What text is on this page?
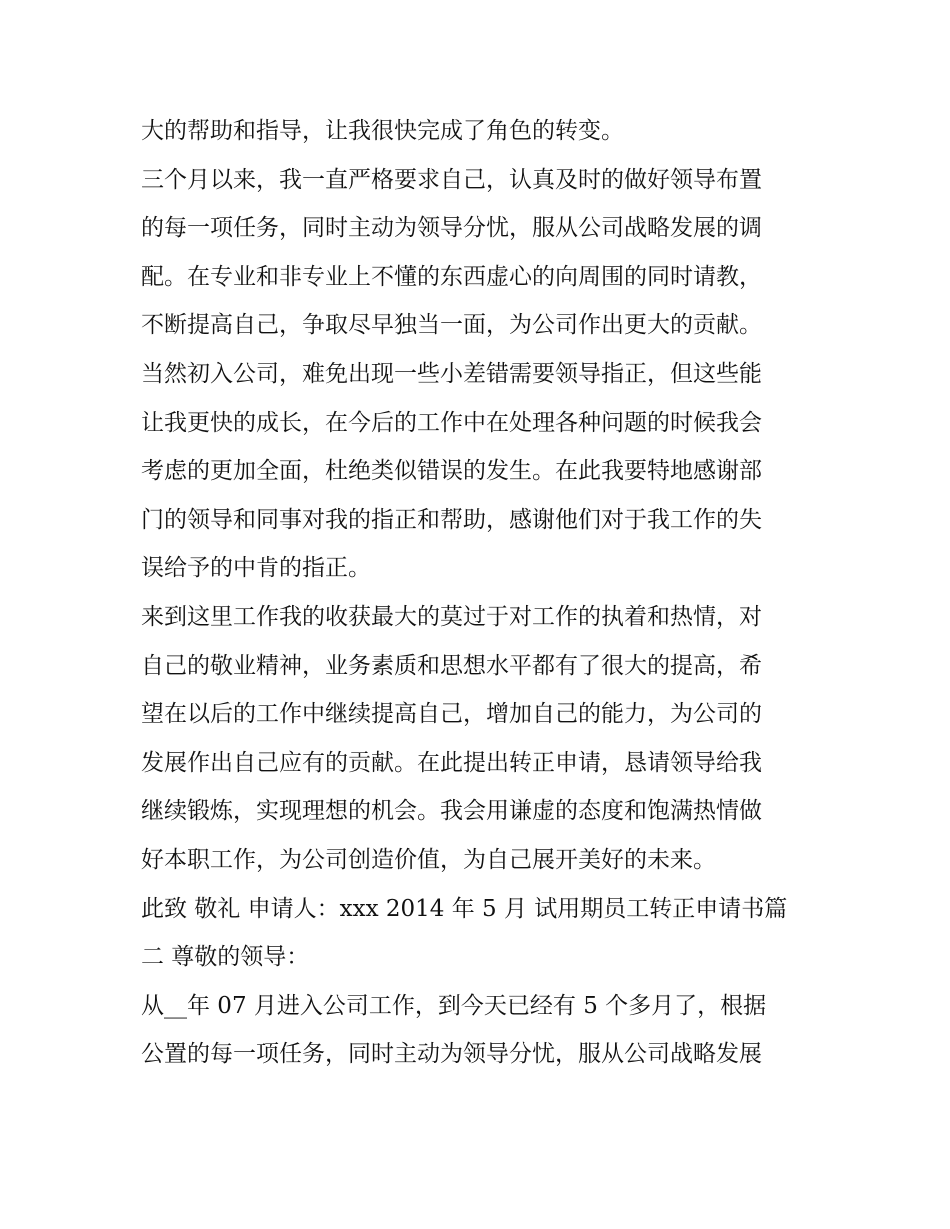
大的帮助和指导，让我很快完成了角色的转变。

三个月以来，我一直严格要求自己，认真及时的做好领导布置

的每一项任务，同时主动为领导分忧，服从公司战略发展的调

配。在专业和非专业上不懂的东西虚心的向周围的同时请教，

不断提高自己，争取尽早独当一面，为公司作出更大的贡献。

当然初入公司，难免出现一些小差错需要领导指正，但这些能

让我更快的成长，在今后的工作中在处理各种问题的时候我会

考虑的更加全面，杜绝类似错误的发生。在此我要特地感谢部

门的领导和同事对我的指正和帮助，感谢他们对于我工作的失

误给予的中肯的指正。

来到这里工作我的收获最大的莫过于对工作的执着和热情，对

自己的敬业精神，业务素质和思想水平都有了很大的提高，希

望在以后的工作中继续提高自己，增加自己的能力，为公司的

发展作出自己应有的贡献。在此提出转正申请，恳请领导给我

继续锻炼，实现理想的机会。我会用谦虚的态度和饱满热情做

好本职工作，为公司创造价值，为自己展开美好的未来。

此致 敬礼 申请人：xxx 2014 年 5 月 试用期员工转正申请书篇

二 尊敬的领导：

从__年 07 月进入公司工作，到今天已经有 5 个多月了，根据

公置的每一项任务，同时主动为领导分忧，服从公司战略发展
